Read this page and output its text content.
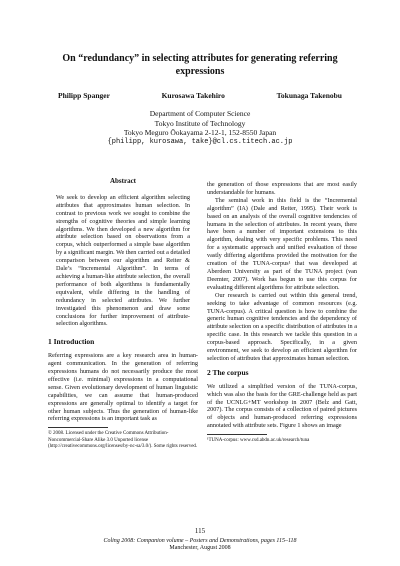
On “redundancy” in selecting attributes for generating referring
expressions
Philipp Spanger	Kurosawa Takehiro	Tokunaga Takenobu
Department of Computer Science
Tokyo Institute of Technology
Tokyo Meguro Ōokayama 2-12-1, 152-8550 Japan
{philipp, kurosawa, take}@cl.cs.titech.ac.jp
Abstract
We seek to develop an efficient algorithm selecting attributes that approximates human selection. In contrast to previous work we sought to combine the strengths of cognitive theories and simple learning algorithms. We then developed a new algorithm for attribute selection based on observations from a corpus, which outperformed a simple base algorithm by a significant margin. We then carried out a detailed comparison between our algorithm and Reiter & Dale’s “Incremental Algorithm”. In terms of achieving a human-like attribute selection, the overall performance of both algorithms is fundamentally equivalent, while differing in the handling of redundancy in selected attributes. We further investigated this phenomenon and draw some conclusions for further improvement of attribute-selection algorithms.
1 Introduction

Referring expressions are a key research area in human-agent communication. In the generation of referring expressions humans do not necessarily produce the most effective (i.e. minimal) expressions in a computational sense. Given evolutionary development of human linguistic capabilities, we can assume that human-produced expressions are generally optimal to identify a target for other human subjects. Thus the generation of human-like referring expressions is an important task as

© 2008. Licensed under the Creative Commons Attribution-Noncommercial-Share Alike 3.0 Unported license (http://creativecommons.org/licenses/by-nc-sa/3.0/). Some rights reserved.

the generation of those expressions that are most easily understandable for humans.

The seminal work in this field is the “Incremental algorithm” (IA) (Dale and Reiter, 1995). Their work is based on an analysis of the overall cognitive tendencies of humans in the selection of attributes. In recent years, there have been a number of important extensions to this algorithm, dealing with very specific problems. This need for a systematic approach and unified evaluation of those vastly differing algorithms provided the motivation for the creation of the TUNA-corpus¹ that was developed at Aberdeen University as part of the TUNA project (van Deemter, 2007). Work has begun to use this corpus for evaluating different algorithms for attribute selection.

Our research is carried out within this general trend, seeking to take advantage of common resources (e.g. TUNA-corpus). A critical question is how to combine the generic human cognitive tendencies and the dependency of attribute selection on a specific distribution of attributes in a specific case. In this research we tackle this question in a corpus-based approach. Specifically, in a given environment, we seek to develop an efficient algorithm for selection of attributes that approximates human selection.

2 The corpus

We utilized a simplified version of the TUNA-corpus, which was also the basis for the GRE-challenge held as part of the UCNLG+MT workshop in 2007 (Belz and Gatt, 2007). The corpus consists of a collection of paired pictures of objects and human-produced referring expressions annotated with attribute sets. Figure 1 shows an image

¹TUNA-corpus: www.csd.abdn.ac.uk/research/tuna
115
Coling 2008: Companion volume – Posters and Demonstrations, pages 115–118
Manchester, August 2008
